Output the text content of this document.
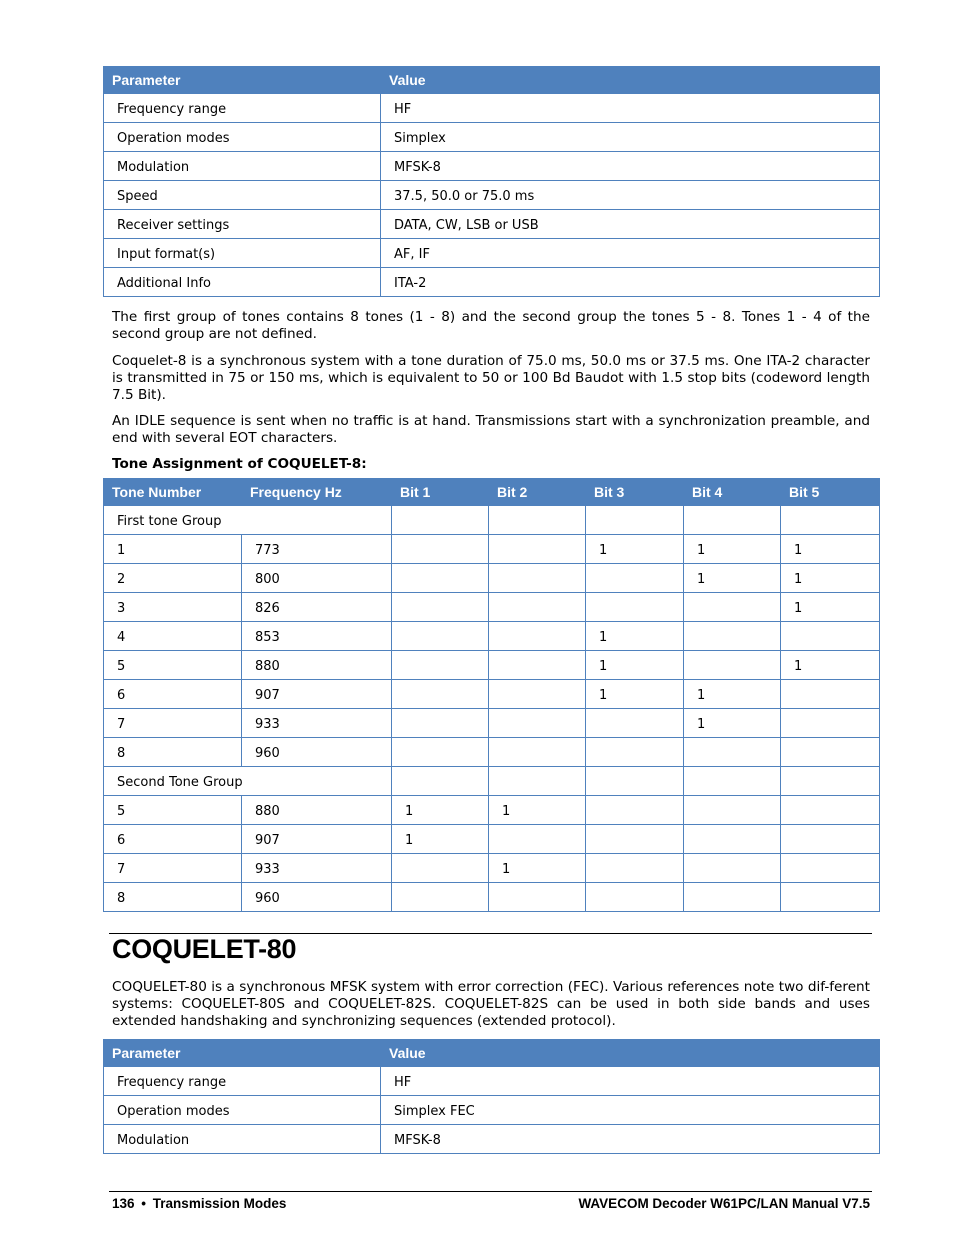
Parameter	Value
Frequency range	HF
Operation modes	Simplex
Modulation	MFSK-8
Speed	37.5, 50.0 or 75.0 ms
Receiver settings	DATA, CW, LSB or USB
Input format(s)	AF, IF
Additional Info	ITA-2

The first group of tones contains 8 tones (1 - 8) and the second group the tones 5 - 8. Tones 1 - 4 of the second group are not defined.

Coquelet-8 is a synchronous system with a tone duration of 75.0 ms, 50.0 ms or 37.5 ms. One ITA-2 character is transmitted in 75 or 150 ms, which is equivalent to 50 or 100 Bd Baudot with 1.5 stop bits (codeword length 7.5 Bit).

An IDLE sequence is sent when no traffic is at hand. Transmissions start with a synchronization preamble, and end with several EOT characters.

Tone Assignment of COQUELET-8:

Tone Number	Frequency Hz	Bit 1	Bit 2	Bit 3	Bit 4	Bit 5
First tone Group						
1	773			1	1	1
2	800				1	1
3	826					1
4	853			1		
5	880			1		1
6	907			1	1	
7	933				1	
8	960					
Second Tone Group						
5	880	1	1			
6	907	1				
7	933		1			
8	960					
COQUELET-80

COQUELET-80 is a synchronous MFSK system with error correction (FEC). Various references note two dif-ferent systems: COQUELET-80S and COQUELET-82S. COQUELET-82S can be used in both side bands and uses extended handshaking and synchronizing sequences (extended protocol).

Parameter	Value
Frequency range	HF
Operation modes	Simplex FEC
Modulation	MFSK-8
136 • Transmission Modes	WAVECOM Decoder W61PC/LAN Manual V7.5
